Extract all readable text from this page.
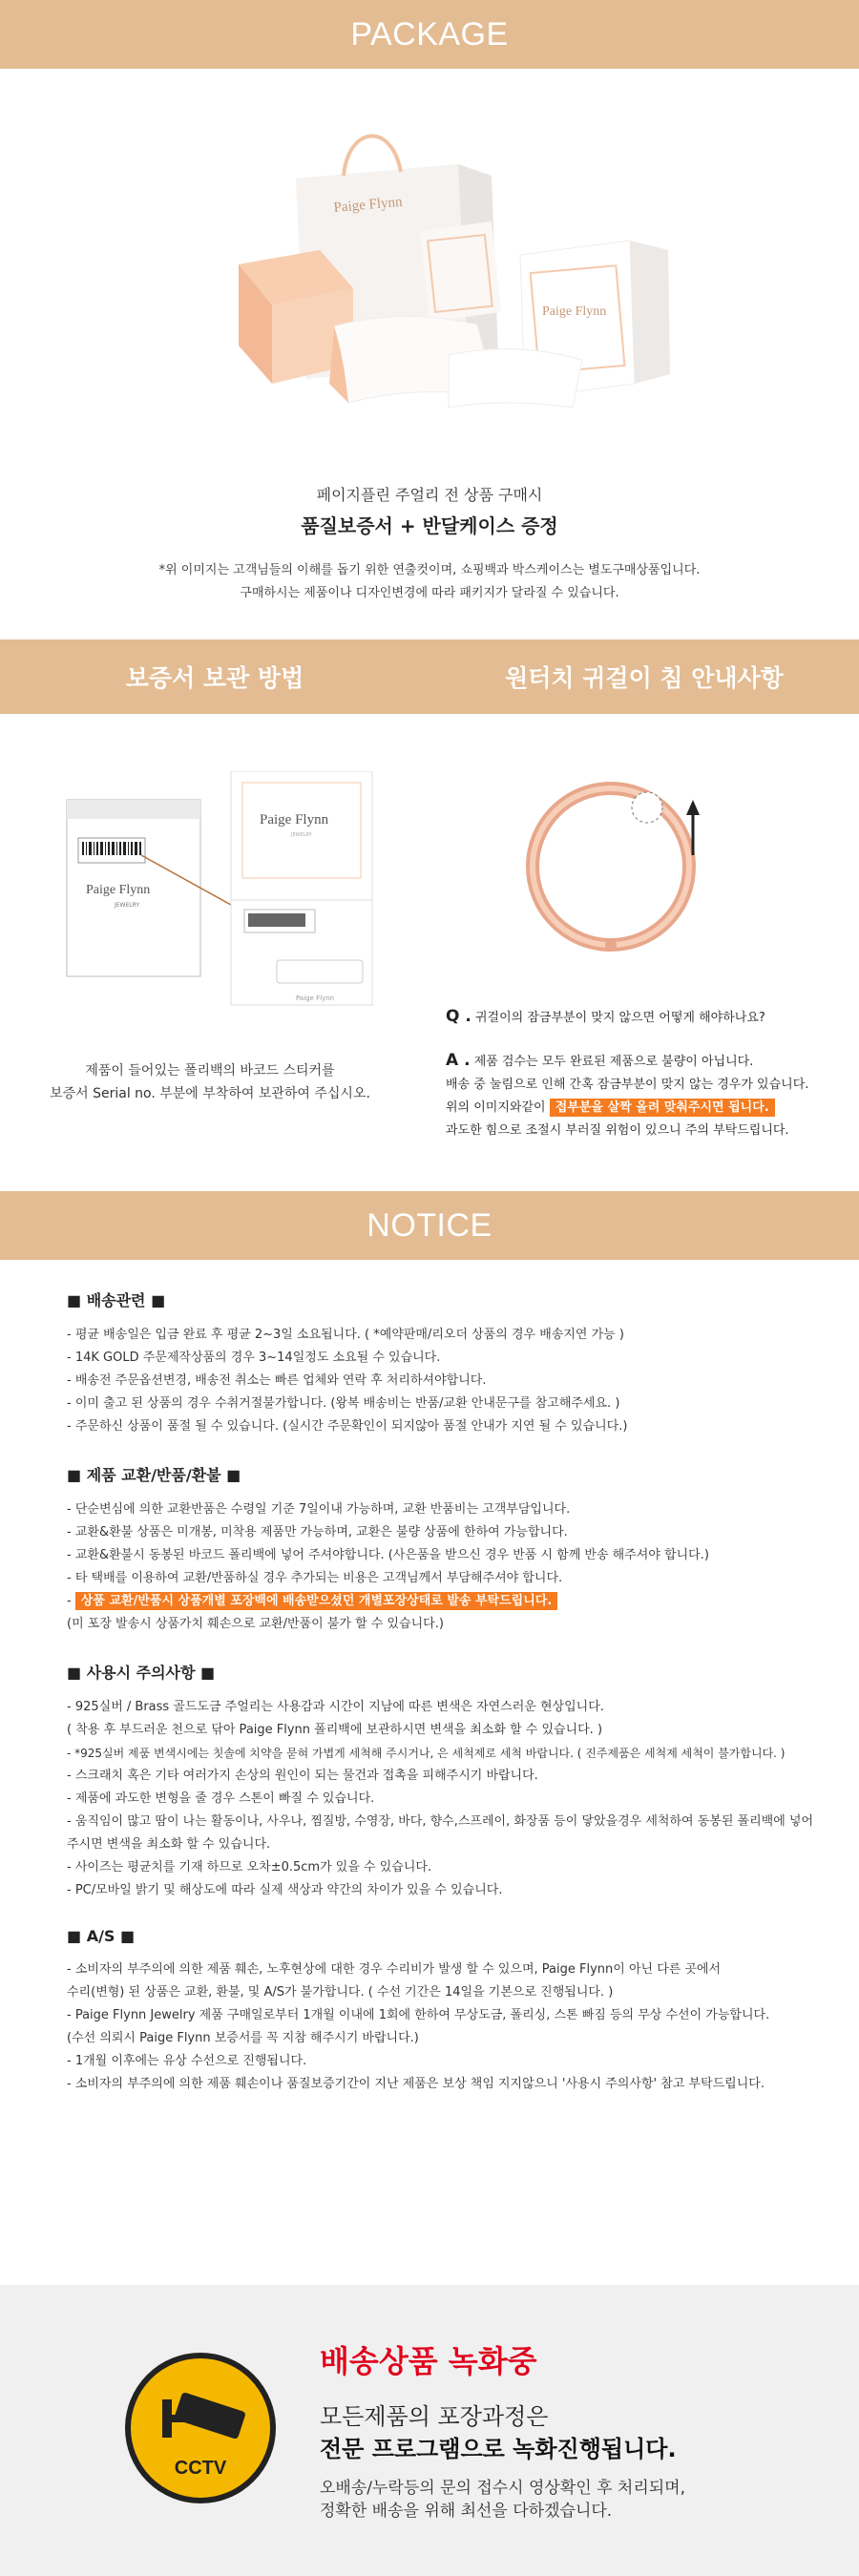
PACKAGE
Paige Flynn
Paige Flynn
페이지플린 주얼리 전 상품 구매시
품질보증서 + 반달케이스 증정
*위 이미지는 고객님들의 이해를 돕기 위한 연출컷이며, 쇼핑백과 박스케이스는 별도구매상품입니다.
구매하시는 제품이나 디자인변경에 따라 패키지가 달라질 수 있습니다.
보증서 보관 방법	원터치 귀걸이 침 안내사항
Paige Flynn
JEWELRY
Paige Flynn
JEWELRY
Paige Flynn
제품이 들어있는 폴리백의 바코드 스티커를
보증서 Serial no. 부분에 부착하여 보관하여 주십시오.
Q . 귀걸이의 잠금부분이 맞지 않으면 어떻게 해야하나요?
A . 제품 검수는 모두 완료된 제품으로 불량이 아닙니다.
배송 중 눌림으로 인해 간혹 잠금부분이 맞지 않는 경우가 있습니다.
위의 이미지와같이 접부분을 살짝 올려 맞춰주시면 됩니다.
과도한 힘으로 조절시 부러질 위험이 있으니 주의 부탁드립니다.
NOTICE
■ 배송관련 ■
- 평균 배송일은 입금 완료 후 평균 2~3일 소요됩니다. ( *예약판매/리오더 상품의 경우 배송지연 가능 )
- 14K GOLD 주문제작상품의 경우 3~14일정도 소요될 수 있습니다.
- 배송전 주문옵션변경, 배송전 취소는 빠른 업체와 연락 후 처리하셔야합니다.
- 이미 출고 된 상품의 경우 수취거절불가합니다. (왕복 배송비는 반품/교환 안내문구를 참고해주세요. )
- 주문하신 상품이 품절 될 수 있습니다. (실시간 주문확인이 되지않아 품절 안내가 지연 될 수 있습니다.)
■ 제품 교환/반품/환불 ■
- 단순변심에 의한 교환반품은 수령일 기준 7일이내 가능하며, 교환 반품비는 고객부담입니다.
- 교환&환불 상품은 미개봉, 미착용 제품만 가능하며, 교환은 불량 상품에 한하여 가능합니다.
- 교환&환불시 동봉된 바코드 폴리백에 넣어 주셔야합니다. (사은품을 받으신 경우 반품 시 함께 반송 해주셔야 합니다.)
- 타 택배를 이용하여 교환/반품하실 경우 추가되는 비용은 고객님께서 부담해주셔야 합니다.
- 상품 교환/반품시 상품개별 포장백에 배송받으셨던 개별포장상태로 발송 부탁드립니다.
(미 포장 발송시 상품가치 훼손으로 교환/반품이 불가 할 수 있습니다.)
■ 사용시 주의사항 ■
- 925실버 / Brass 골드도금 주얼리는 사용감과 시간이 지남에 따른 변색은 자연스러운 현상입니다.
( 착용 후 부드러운 천으로 닦아 Paige Flynn 폴리백에 보관하시면 변색을 최소화 할 수 있습니다. )
- *925실버 제품 변색시에는 칫솔에 치약을 묻혀 가볍게 세척해 주시거나, 은 세척제로 세척 바랍니다. ( 진주제품은 세척제 세척이 불가합니다. )
- 스크래치 혹은 기타 여러가지 손상의 원인이 되는 물건과 접촉을 피해주시기 바랍니다.
- 제품에 과도한 변형을 줄 경우 스톤이 빠질 수 있습니다.
- 움직임이 많고 땀이 나는 활동이나, 사우나, 찜질방, 수영장, 바다, 향수,스프레이, 화장품 등이 닿았을경우 세척하여 동봉된 폴리백에 넣어
주시면 변색을 최소화 할 수 있습니다.
- 사이즈는 평균치를 기재 하므로 오차±0.5cm가 있을 수 있습니다.
- PC/모바일 밝기 및 해상도에 따라 실제 색상과 약간의 차이가 있을 수 있습니다.
■ A/S ■
- 소비자의 부주의에 의한 제품 훼손, 노후현상에 대한 경우 수리비가 발생 할 수 있으며, Paige Flynn이 아닌 다른 곳에서
수리(변형) 된 상품은 교환, 환불, 및 A/S가 불가합니다. ( 수선 기간은 14일을 기본으로 진행됩니다. )
- Paige Flynn Jewelry 제품 구매일로부터 1개월 이내에 1회에 한하여 무상도금, 폴리싱, 스톤 빠짐 등의 무상 수선이 가능합니다.
(수선 의뢰시 Paige Flynn 보증서를 꼭 지참 해주시기 바랍니다.)
- 1개월 이후에는 유상 수선으로 진행됩니다.
- 소비자의 부주의에 의한 제품 훼손이나 품질보증기간이 지난 제품은 보상 책임 지지않으니 '사용시 주의사항' 참고 부탁드립니다.
CCTV
배송상품 녹화중
모든제품의 포장과정은
전문 프로그램으로 녹화진행됩니다.
오배송/누락등의 문의 접수시 영상확인 후 처리되며,
정확한 배송을 위해 최선을 다하겠습니다.
